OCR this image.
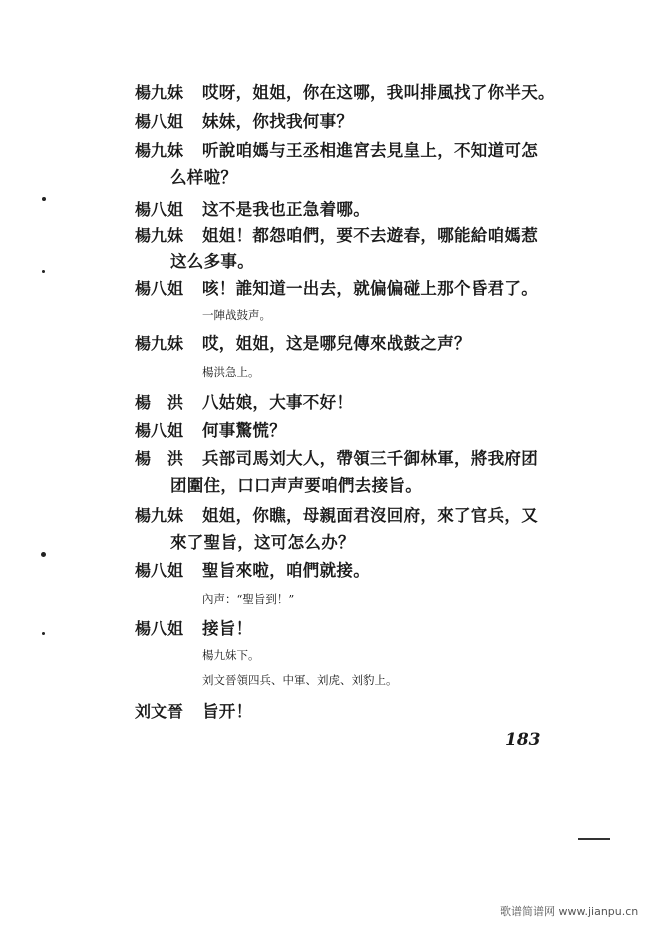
楊九妹	哎呀，姐姐，你在这哪，我叫排風找了你半天。
楊八姐	妹妹，你找我何事？
楊九妹	听說咱媽与王丞相進宮去見皇上，不知道可怎
么样啦？
楊八姐	这不是我也正急着哪。
楊九妹	姐姐！都怨咱們，要不去遊春，哪能給咱媽惹
这么多事。
楊八姐	咳！誰知道一出去，就偏偏碰上那个昏君了。
一陣战鼓声。
楊九妹	哎，姐姐，这是哪兒傳來战鼓之声？
楊洪急上。
楊　洪	八姑娘，大事不好！
楊八姐	何事驚慌？
楊　洪	兵部司馬刘大人，帶領三千御林軍，將我府团
团圍住，口口声声要咱們去接旨。
楊九妹	姐姐，你瞧，母親面君沒回府，來了官兵，又
來了聖旨，这可怎么办？
楊八姐	聖旨來啦，咱們就接。
內声：“聖旨到！”
楊八姐	接旨！
楊九妹下。
刘文晉領四兵、中軍、刘虎、刘豹上。
刘文晉	旨开！
183
歌谱简谱网 www.jianpu.cn
